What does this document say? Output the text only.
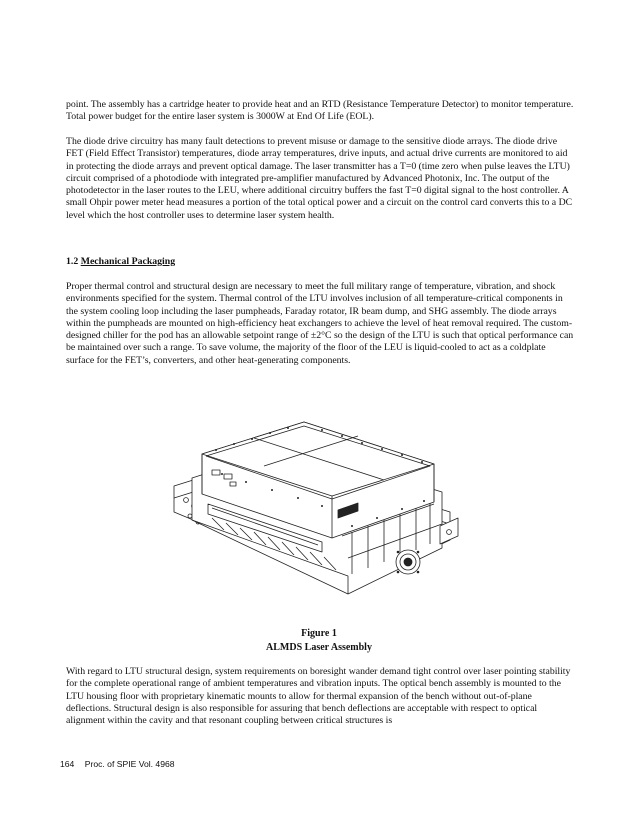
point. The assembly has a cartridge heater to provide heat and an RTD (Resistance Temperature Detector) to monitor temperature. Total power budget for the entire laser system is 3000W at End Of Life (EOL).

The diode drive circuitry has many fault detections to prevent misuse or damage to the sensitive diode arrays. The diode drive FET (Field Effect Transistor) temperatures, diode array temperatures, drive inputs, and actual drive currents are monitored to aid in protecting the diode arrays and prevent optical damage. The laser transmitter has a T=0 (time zero when pulse leaves the LTU) circuit comprised of a photodiode with integrated pre-amplifier manufactured by Advanced Photonix, Inc. The output of the photodetector in the laser routes to the LEU, where additional circuitry buffers the fast T=0 digital signal to the host controller. A small Ohpir power meter head measures a portion of the total optical power and a circuit on the control card converts this to a DC level which the host controller uses to determine laser system health.

1.2 Mechanical Packaging

Proper thermal control and structural design are necessary to meet the full military range of temperature, vibration, and shock environments specified for the system. Thermal control of the LTU involves inclusion of all temperature-critical components in the system cooling loop including the laser pumpheads, Faraday rotator, IR beam dump, and SHG assembly. The diode arrays within the pumpheads are mounted on high-efficiency heat exchangers to achieve the level of heat removal required. The custom-designed chiller for the pod has an allowable setpoint range of ±2°C so the design of the LTU is such that optical performance can be maintained over such a range. To save volume, the majority of the floor of the LEU is liquid-cooled to act as a coldplate surface for the FET’s, converters, and other heat-generating components.

Figure 1

ALMDS Laser Assembly

With regard to LTU structural design, system requirements on boresight wander demand tight control over laser pointing stability for the complete operational range of ambient temperatures and vibration inputs. The optical bench assembly is mounted to the LTU housing floor with proprietary kinematic mounts to allow for thermal expansion of the bench without out-of-plane deflections. Structural design is also responsible for assuring that bench deflections are acceptable with respect to optical alignment within the cavity and that resonant coupling between critical structures is

164 Proc. of SPIE Vol. 4968
